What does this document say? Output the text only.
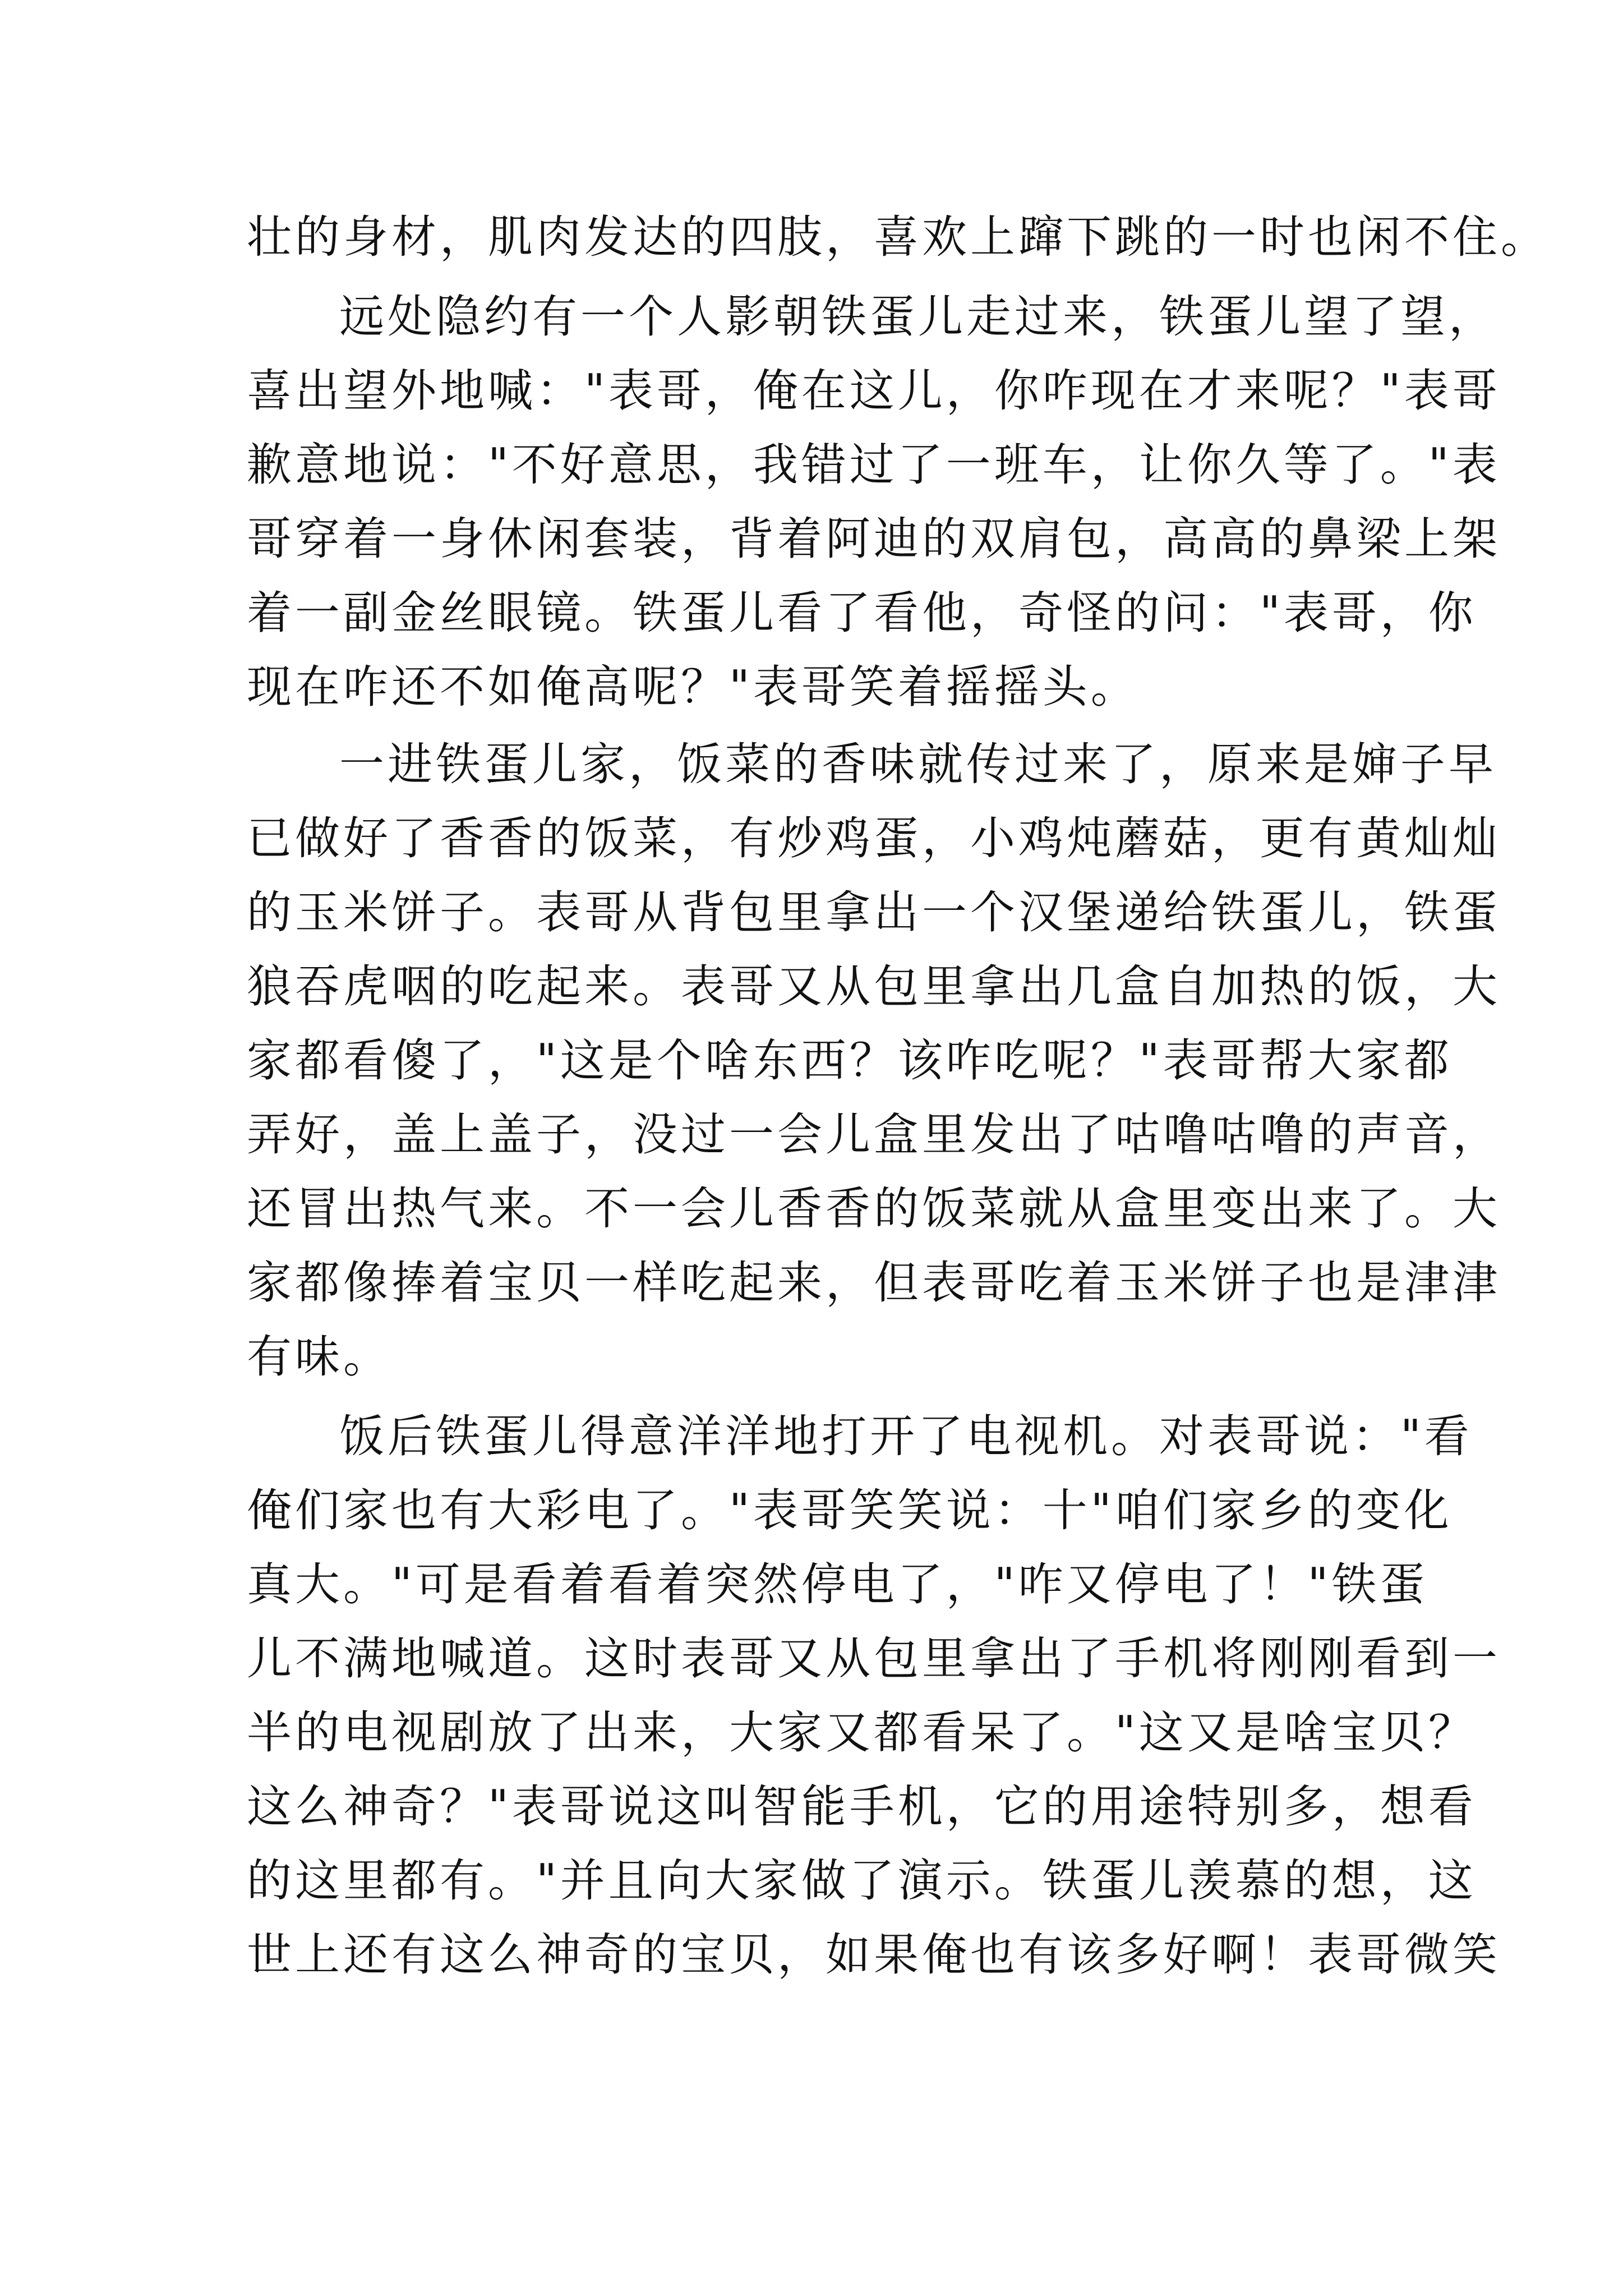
壮的身材，肌肉发达的四肢，喜欢上蹿下跳的一时也闲不住。
远处隐约有一个人影朝铁蛋儿走过来，铁蛋儿望了望，
喜出望外地喊："表哥，俺在这儿，你咋现在才来呢？"表哥
歉意地说："不好意思，我错过了一班车，让你久等了。"表
哥穿着一身休闲套装，背着阿迪的双肩包，高高的鼻梁上架
着一副金丝眼镜。铁蛋儿看了看他，奇怪的问："表哥，你
现在咋还不如俺高呢？"表哥笑着摇摇头。
一进铁蛋儿家，饭菜的香味就传过来了，原来是婶子早
已做好了香香的饭菜，有炒鸡蛋，小鸡炖蘑菇，更有黄灿灿
的玉米饼子。表哥从背包里拿出一个汉堡递给铁蛋儿，铁蛋
狼吞虎咽的吃起来。表哥又从包里拿出几盒自加热的饭，大
家都看傻了，"这是个啥东西？该咋吃呢？"表哥帮大家都
弄好，盖上盖子，没过一会儿盒里发出了咕噜咕噜的声音，
还冒出热气来。不一会儿香香的饭菜就从盒里变出来了。大
家都像捧着宝贝一样吃起来，但表哥吃着玉米饼子也是津津
有味。
饭后铁蛋儿得意洋洋地打开了电视机。对表哥说："看
俺们家也有大彩电了。"表哥笑笑说：十"咱们家乡的变化
真大。"可是看着看着突然停电了，"咋又停电了！"铁蛋
儿不满地喊道。这时表哥又从包里拿出了手机将刚刚看到一
半的电视剧放了出来，大家又都看呆了。"这又是啥宝贝？
这么神奇？"表哥说这叫智能手机，它的用途特别多，想看
的这里都有。"并且向大家做了演示。铁蛋儿羡慕的想，这
世上还有这么神奇的宝贝，如果俺也有该多好啊！表哥微笑
